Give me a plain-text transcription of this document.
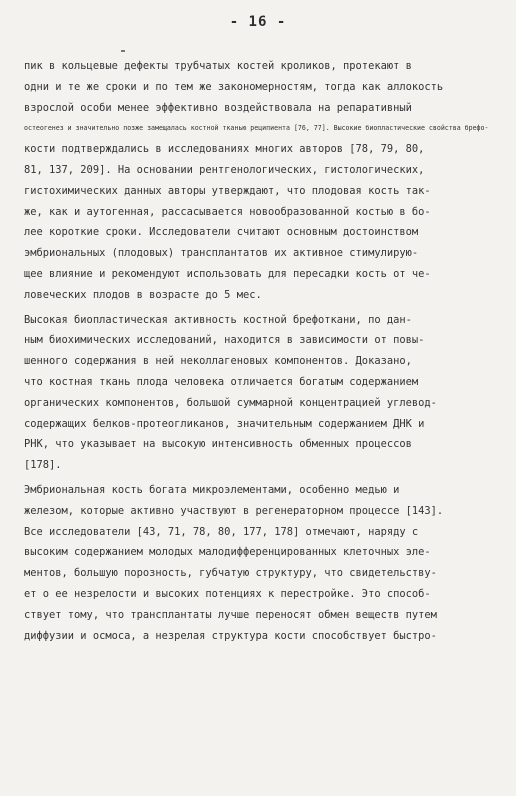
- 16 -
пик в кольцевые дефекты трубчатых костей кроликов, протекают в
одни и те же сроки и по тем же закономерностям, тогда как аллокость
взрослой особи менее эффективно воздействовала на репаративный
остеогенез и значительно позже замещалась костной тканью реципиента [76, 77]. Высокие биопластические свойства брефо-
кости подтверждались в исследованиях многих авторов [78, 79, 80,
81, 137, 209]. На основании рентгенологических, гистологических,
гистохимических данных авторы утверждают, что плодовая кость так-
же, как и аутогенная, рассасывается новообразованной костью в бо-
лее короткие сроки. Исследователи считают основным достоинством
эмбриональных (плодовых) трансплантатов их активное стимулирую-
щее влияние и рекомендуют использовать для пересадки кость от че-
ловеческих плодов в возрасте до 5 мес.
Высокая биопластическая активность костной брефоткани, по дан-
ным биохимических исследований, находится в зависимости от повы-
шенного содержания в ней неколлагеновых компонентов. Доказано,
что костная ткань плода человека отличается богатым содержанием
органических компонентов, большой суммарной концентрацией углевод-
содержащих белков-протеогликанов, значительным содержанием ДНК и
РНК, что указывает на высокую интенсивность обменных процессов
[178].
Эмбриональная кость богата микроэлементами, особенно медью и
железом, которые активно участвуют в регенераторном процессе [143].
Все исследователи [43, 71, 78, 80, 177, 178] отмечают, наряду с
высоким содержанием молодых малодифференцированных клеточных эле-
ментов, большую порозность, губчатую структуру, что свидетельству-
ет о ее незрелости и высоких потенциях к перестройке. Это способ-
ствует тому, что трансплантаты лучше переносят обмен веществ путем
диффузии и осмоса, а незрелая структура кости способствует быстро-
